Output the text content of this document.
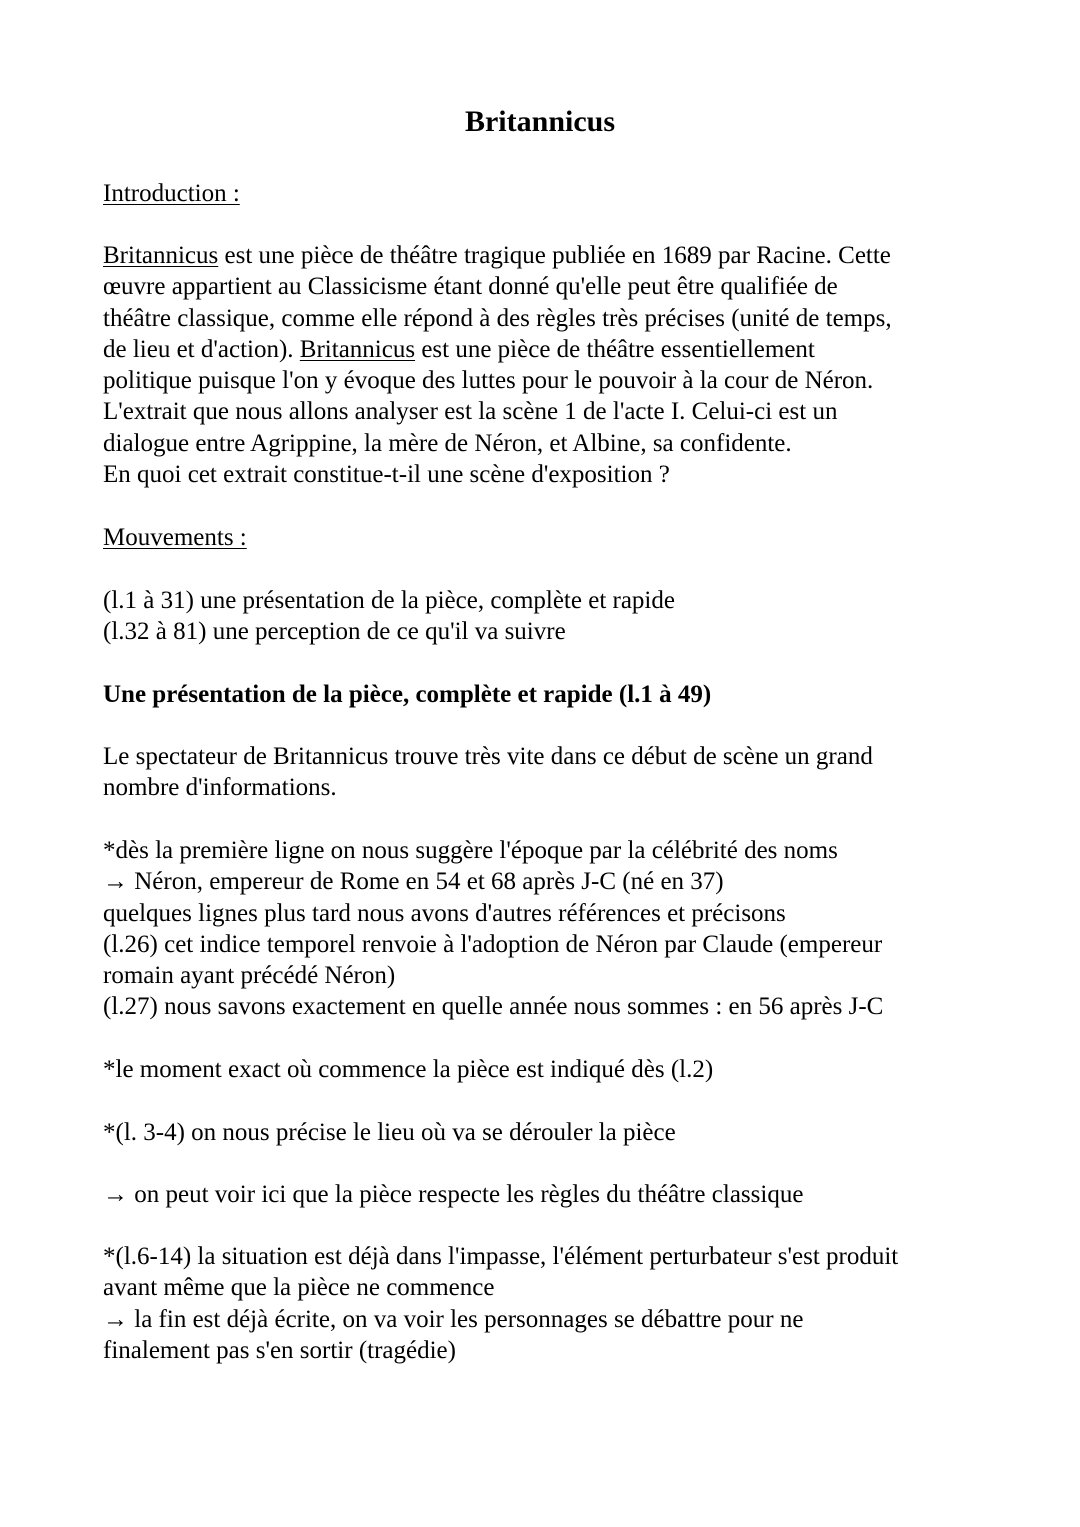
Britannicus

Introduction :

Britannicus est une pièce de théâtre tragique publiée en 1689 par Racine. Cette
œuvre appartient au Classicisme étant donné qu'elle peut être qualifiée de
théâtre classique, comme elle répond à des règles très précises (unité de temps,
de lieu et d'action). Britannicus est une pièce de théâtre essentiellement
politique puisque l'on y évoque des luttes pour le pouvoir à la cour de Néron.
L'extrait que nous allons analyser est la scène 1 de l'acte I. Celui-ci est un
dialogue entre Agrippine, la mère de Néron, et Albine, sa confidente.
En quoi cet extrait constitue-t-il une scène d'exposition ?

Mouvements :

(l.1 à 31) une présentation de la pièce, complète et rapide
(l.32 à 81) une perception de ce qu'il va suivre

Une présentation de la pièce, complète et rapide (l.1 à 49)

Le spectateur de Britannicus trouve très vite dans ce début de scène un grand
nombre d'informations.

*dès la première ligne on nous suggère l'époque par la célébrité des noms
→ Néron, empereur de Rome en 54 et 68 après J-C (né en 37)
quelques lignes plus tard nous avons d'autres références et précisons
(l.26) cet indice temporel renvoie à l'adoption de Néron par Claude (empereur
romain ayant précédé Néron)
(l.27) nous savons exactement en quelle année nous sommes : en 56 après J-C

*le moment exact où commence la pièce est indiqué dès (l.2)

*(l. 3-4) on nous précise le lieu où va se dérouler la pièce

→ on peut voir ici que la pièce respecte les règles du théâtre classique

*(l.6-14) la situation est déjà dans l'impasse, l'élément perturbateur s'est produit
avant même que la pièce ne commence
→ la fin est déjà écrite, on va voir les personnages se débattre pour ne
finalement pas s'en sortir (tragédie)
